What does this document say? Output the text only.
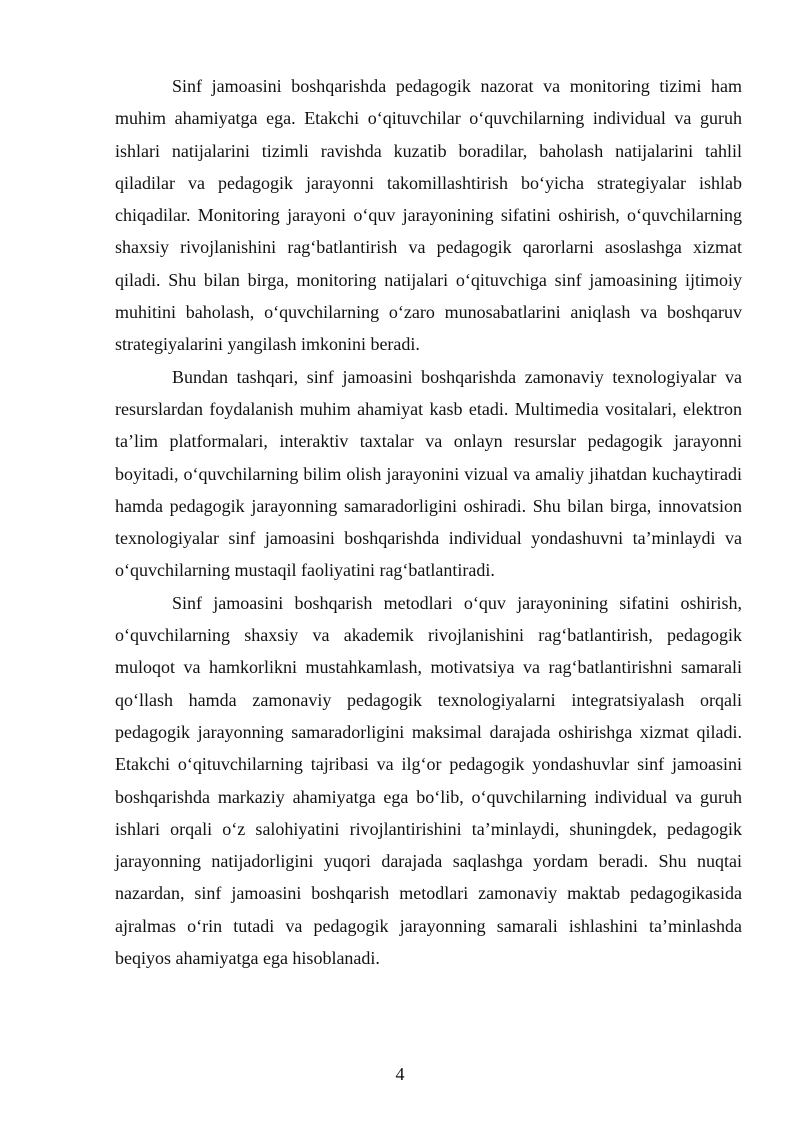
Sinf jamoasini boshqarishda pedagogik nazorat va monitoring tizimi ham muhim ahamiyatga ega. Etakchi o‘qituvchilar o‘quvchilarning individual va guruh ishlari natijalarini tizimli ravishda kuzatib boradilar, baholash natijalarini tahlil qiladilar va pedagogik jarayonni takomillashtirish bo‘yicha strategiyalar ishlab chiqadilar. Monitoring jarayoni o‘quv jarayonining sifatini oshirish, o‘quvchilarning shaxsiy rivojlanishini rag‘batlantirish va pedagogik qarorlarni asoslashga xizmat qiladi. Shu bilan birga, monitoring natijalari o‘qituvchiga sinf jamoasining ijtimoiy muhitini baholash, o‘quvchilarning o‘zaro munosabatlarini aniqlash va boshqaruv strategiyalarini yangilash imkonini beradi.

Bundan tashqari, sinf jamoasini boshqarishda zamonaviy texnologiyalar va resurslardan foydalanish muhim ahamiyat kasb etadi. Multimedia vositalari, elektron ta’lim platformalari, interaktiv taxtalar va onlayn resurslar pedagogik jarayonni boyitadi, o‘quvchilarning bilim olish jarayonini vizual va amaliy jihatdan kuchaytiradi hamda pedagogik jarayonning samaradorligini oshiradi. Shu bilan birga, innovatsion texnologiyalar sinf jamoasini boshqarishda individual yondashuvni ta’minlaydi va o‘quvchilarning mustaqil faoliyatini rag‘batlantiradi.

Sinf jamoasini boshqarish metodlari o‘quv jarayonining sifatini oshirish, o‘quvchilarning shaxsiy va akademik rivojlanishini rag‘batlantirish, pedagogik muloqot va hamkorlikni mustahkamlash, motivatsiya va rag‘batlantirishni samarali qo‘llash hamda zamonaviy pedagogik texnologiyalarni integratsiyalash orqali pedagogik jarayonning samaradorligini maksimal darajada oshirishga xizmat qiladi. Etakchi o‘qituvchilarning tajribasi va ilg‘or pedagogik yondashuvlar sinf jamoasini boshqarishda markaziy ahamiyatga ega bo‘lib, o‘quvchilarning individual va guruh ishlari orqali o‘z salohiyatini rivojlantirishini ta’minlaydi, shuningdek, pedagogik jarayonning natijadorligini yuqori darajada saqlashga yordam beradi. Shu nuqtai nazardan, sinf jamoasini boshqarish metodlari zamonaviy maktab pedagogikasida ajralmas o‘rin tutadi va pedagogik jarayonning samarali ishlashini ta’minlashda beqiyos ahamiyatga ega hisoblanadi.

4
